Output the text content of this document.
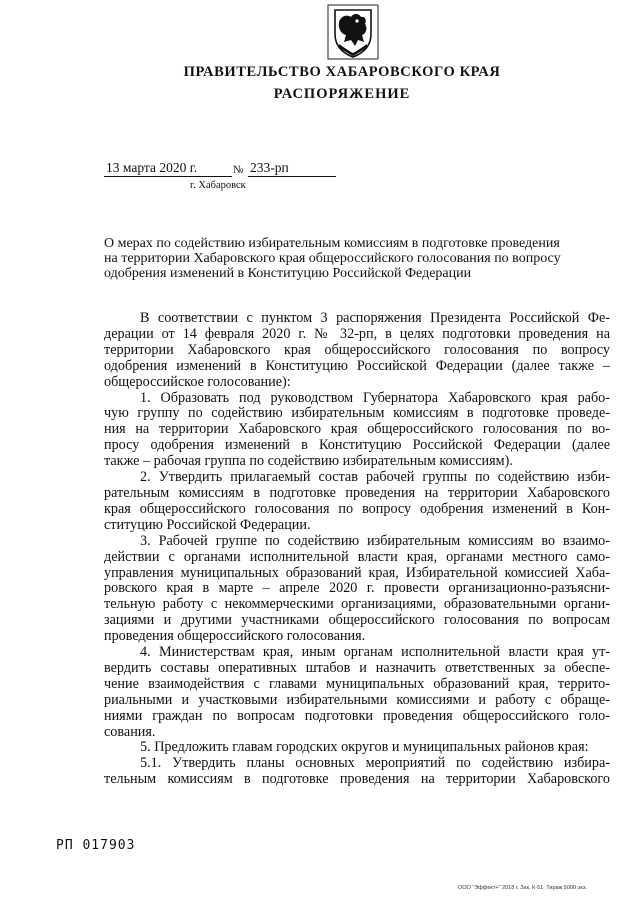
ПРАВИТЕЛЬСТВО ХАБАРОВСКОГО КРАЯ
РАСПОРЯЖЕНИЕ
13 марта 2020 г.	№ 233-рп
г. Хабаровск
О мерах по содействию избирательным комиссиям в подготовке проведения
на территории Хабаровского края общероссийского голосования по вопросу
одобрения изменений в Конституцию Российской Федерации
В соответствии с пунктом 3 распоряжения Президента Российской Фе-
дерации от 14 февраля 2020 г. № 32-рп, в целях подготовки проведения на
территории Хабаровского края общероссийского голосования по вопросу
одобрения изменений в Конституцию Российской Федерации (далее также –
общероссийское голосование):
1. Образовать под руководством Губернатора Хабаровского края рабо-
чую группу по содействию избирательным комиссиям в подготовке проведе-
ния на территории Хабаровского края общероссийского голосования по во-
просу одобрения изменений в Конституцию Российской Федерации (далее
также – рабочая группа по содействию избирательным комиссиям).
2. Утвердить прилагаемый состав рабочей группы по содействию изби-
рательным комиссиям в подготовке проведения на территории Хабаровского
края общероссийского голосования по вопросу одобрения изменений в Кон-
ституцию Российской Федерации.
3. Рабочей группе по содействию избирательным комиссиям во взаимо-
действии с органами исполнительной власти края, органами местного само-
управления муниципальных образований края, Избирательной комиссией Хаба-
ровского края в марте – апреле 2020 г. провести организационно-разъясни-
тельную работу с некоммерческими организациями, образовательными органи-
зациями и другими участниками общероссийского голосования по вопросам
проведения общероссийского голосования.
4. Министерствам края, иным органам исполнительной власти края ут-
вердить составы оперативных штабов и назначить ответственных за обеспе-
чение взаимодействия с главами муниципальных образований края, террито-
риальными и участковыми избирательными комиссиями и работу с обраще-
ниями граждан по вопросам подготовки проведения общероссийского голо-
сования.
5. Предложить главам городских округов и муниципальных районов края:
5.1. Утвердить планы основных мероприятий по содействию избира-
тельным комиссиям в подготовке проведения на территории Хабаровского
РП 017903
ООО "Эффект+" 2018 г. Зак. К-51. Тираж 5000 экз.
